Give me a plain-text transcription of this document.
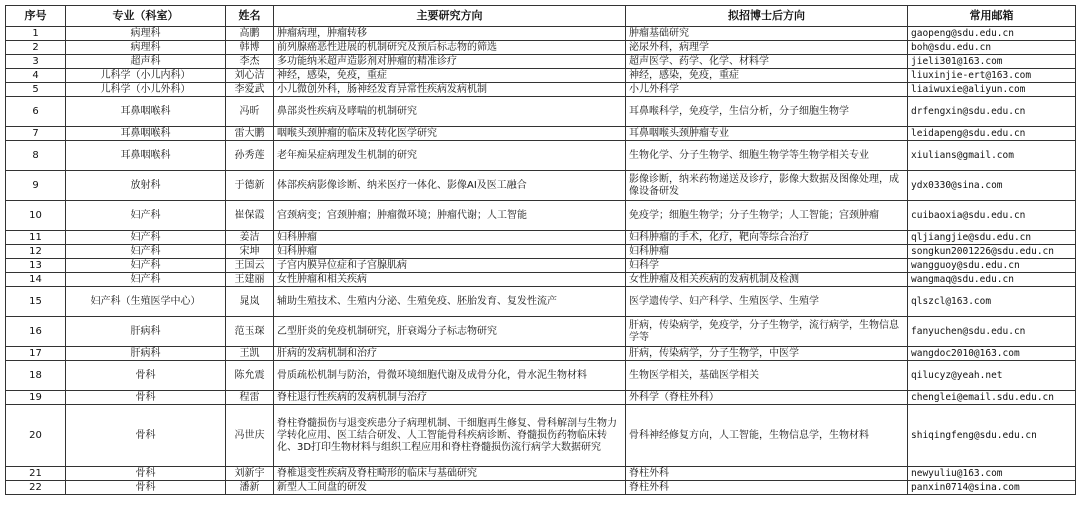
序号	专业（科室）	姓名	主要研究方向	拟招博士后方向	常用邮箱
1	病理科	高鹏	肿瘤病理，肿瘤转移	肿瘤基础研究	gaopeng@sdu.edu.cn
2	病理科	韩博	前列腺癌恶性进展的机制研究及预后标志物的筛选	泌尿外科，病理学	boh@sdu.edu.cn
3	超声科	李杰	多功能纳米超声造影剂对肿瘤的精准诊疗	超声医学、药学、化学、材料学	jieli301@163.com
4	儿科学（小儿内科）	刘心洁	神经，感染，免疫，重症	神经，感染，免疫，重症	liuxinjie-ert@163.com
5	儿科学（小儿外科）	李爱武	小儿微创外科，肠神经发育异常性疾病发病机制	小儿外科学	liaiwuxie@aliyun.com
6	耳鼻咽喉科	冯昕	鼻部炎性疾病及哮喘的机制研究	耳鼻喉科学，免疫学，生信分析，分子细胞生物学	drfengxin@sdu.edu.cn
7	耳鼻咽喉科	雷大鹏	咽喉头颈肿瘤的临床及转化医学研究	耳鼻咽喉头颈肿瘤专业	leidapeng@sdu.edu.cn
8	耳鼻咽喉科	孙秀莲	老年痴呆症病理发生机制的研究	生物化学、分子生物学、细胞生物学等生物学相关专业	xiulians@gmail.com
9	放射科	于德新	体部疾病影像诊断、纳米医疗一体化、影像AI及医工融合	影像诊断，纳米药物递送及诊疗，影像大数据及图像处理，成像设备研发	ydx0330@sina.com
10	妇产科	崔保霞	宫颈病变；宫颈肿瘤；肿瘤微环境；肿瘤代谢；人工智能	免疫学；细胞生物学；分子生物学；人工智能；宫颈肿瘤	cuibaoxia@sdu.edu.cn
11	妇产科	姜洁	妇科肿瘤	妇科肿瘤的手术，化疗，靶向等综合治疗	qljiangjie@sdu.edu.cn
12	妇产科	宋坤	妇科肿瘤	妇科肿瘤	songkun2001226@sdu.edu.cn
13	妇产科	王国云	子宫内膜异位症和子宫腺肌病	妇科学	wangguoy@sdu.edu.cn
14	妇产科	王建丽	女性肿瘤和相关疾病	女性肿瘤及相关疾病的发病机制及检测	wangmaq@sdu.edu.cn
15	妇产科（生殖医学中心）	晁岚	辅助生殖技术、生殖内分泌、生殖免疫、胚胎发育、复发性流产	医学遗传学、妇产科学、生殖医学、生殖学	qlszcl@163.com
16	肝病科	范玉琛	乙型肝炎的免疫机制研究，肝衰竭分子标志物研究	肝病，传染病学，免疫学，分子生物学，流行病学，生物信息学等	fanyuchen@sdu.edu.cn
17	肝病科	王凯	肝病的发病机制和治疗	肝病，传染病学，分子生物学，中医学	wangdoc2010@163.com
18	骨科	陈允震	骨质疏松机制与防治，骨微环境细胞代谢及成骨分化，骨水泥生物材料	生物医学相关，基础医学相关	qilucyz@yeah.net
19	骨科	程雷	脊柱退行性疾病的发病机制与治疗	外科学（脊柱外科）	chenglei@email.sdu.edu.cn
20	骨科	冯世庆	脊柱脊髓损伤与退变疾患分子病理机制、干细胞再生修复、骨科解剖与生物力学转化应用、医工结合研发、人工智能骨科疾病诊断、脊髓损伤药物临床转化、3D打印生物材料与组织工程应用和脊柱脊髓损伤流行病学大数据研究	骨科神经修复方向，人工智能，生物信息学，生物材料	shiqingfeng@sdu.edu.cn
21	骨科	刘新宇	脊椎退变性疾病及脊柱畸形的临床与基础研究	脊柱外科	newyuliu@163.com
22	骨科	潘新	新型人工间盘的研发	脊柱外科	panxin0714@sina.com
